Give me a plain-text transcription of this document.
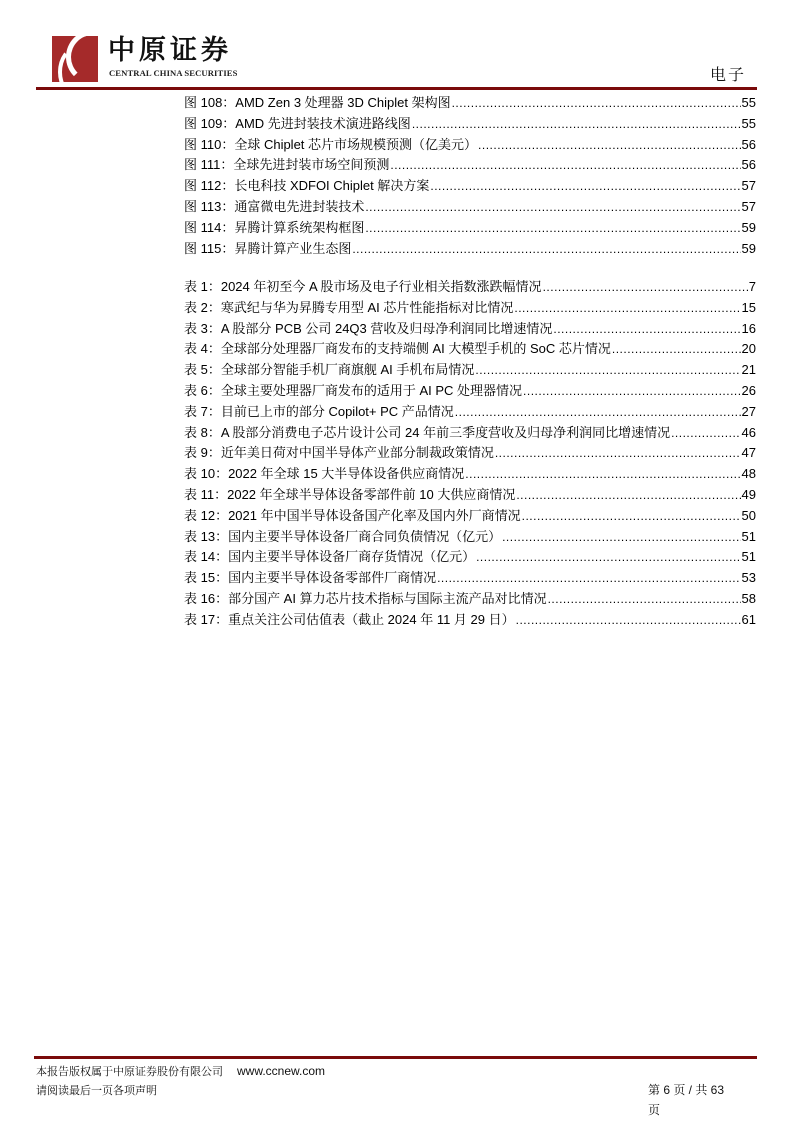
中原证券
CENTRAL CHINA SECURITIES	电子
图 108：AMD Zen 3 处理器 3D Chiplet 架构图 .....	55
图 109：AMD 先进封装技术演进路线图 .....	55
图 110：全球 Chiplet 芯片市场规模预测（亿美元） .....	56
图 111：全球先进封装市场空间预测 .....	56
图 112：长电科技 XDFOI Chiplet 解决方案 .....	57
图 113：通富微电先进封装技术 .....	57
图 114：昇腾计算系统架构框图 .....	59
图 115：昇腾计算产业生态图 .....	59
表 1：2024 年初至今 A 股市场及电子行业相关指数涨跌幅情况 .....	7
表 2：寒武纪与华为昇腾专用型 AI 芯片性能指标对比情况 .....	15
表 3：A 股部分 PCB 公司 24Q3 营收及归母净利润同比增速情况 .....	16
表 4：全球部分处理器厂商发布的支持端侧 AI 大模型手机的 SoC 芯片情况 .....	20
表 5：全球部分智能手机厂商旗舰 AI 手机布局情况 .....	21
表 6：全球主要处理器厂商发布的适用于 AI PC 处理器情况 .....	26
表 7：目前已上市的部分 Copilot+ PC 产品情况 .....	27
表 8：A 股部分消费电子芯片设计公司 24 年前三季度营收及归母净利润同比增速情况 .....	46
表 9：近年美日荷对中国半导体产业部分制裁政策情况 .....	47
表 10：2022 年全球 15 大半导体设备供应商情况 .....	48
表 11：2022 年全球半导体设备零部件前 10 大供应商情况 .....	49
表 12：2021 年中国半导体设备国产化率及国内外厂商情况 .....	50
表 13：国内主要半导体设备厂商合同负债情况（亿元） .....	51
表 14：国内主要半导体设备厂商存货情况（亿元） .....	51
表 15：国内主要半导体设备零部件厂商情况 .....	53
表 16：部分国产 AI 算力芯片技术指标与国际主流产品对比情况 .....	58
表 17：重点关注公司估值表（截止 2024 年 11 月 29 日） .....	61
本报告版权属于中原证券股份有限公司 www.ccnew.com
请阅读最后一页各项声明	第 6 页 / 共 63
页
